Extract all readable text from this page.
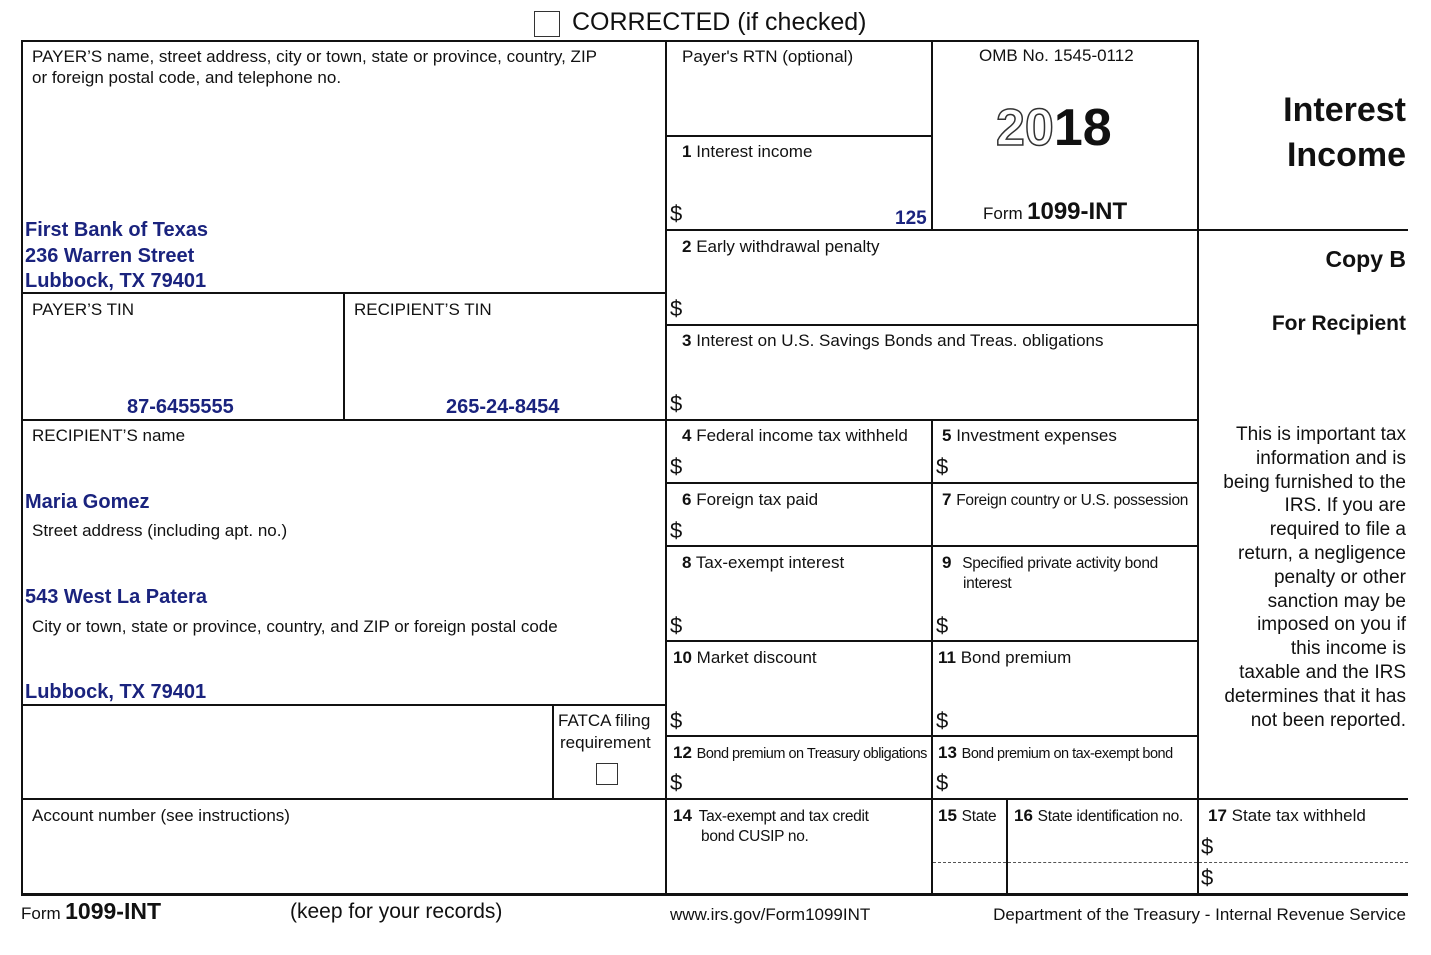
CORRECTED (if checked)
PAYER’S name, street address, city or town, state or province, country, ZIP
or foreign postal code, and telephone no.
First Bank of Texas
236 Warren Street
Lubbock, TX 79401
PAYER’S TIN
87-6455555
RECIPIENT’S TIN
265-24-8454
RECIPIENT’S name
Maria Gomez
Street address (including apt. no.)
543 West La Patera
City or town, state or province, country, and ZIP or foreign postal code
Lubbock, TX 79401
FATCA filing
requirement
Account number (see instructions)
Payer's RTN (optional)
1 Interest income
$	125
OMB No. 1545-0112
2018
Form 1099-INT
Interest
Income
Copy B
For Recipient
This is important tax
information and is
being furnished to the
IRS. If you are
required to file a
return, a negligence
penalty or other
sanction may be
imposed on you if
this income is
taxable and the IRS
determines that it has
not been reported.
2 Early withdrawal penalty
$
3 Interest on U.S. Savings Bonds and Treas. obligations
$
4 Federal income tax withheld
$
5 Investment expenses
$
6 Foreign tax paid
$
7 Foreign country or U.S. possession
8 Tax-exempt interest
$
9 Specified private activity bond
interest
$
10 Market discount
$
11 Bond premium
$
12 Bond premium on Treasury obligations
$
13 Bond premium on tax-exempt bond
$
14 Tax-exempt and tax credit
bond CUSIP no.
15 State 16 State identification no. 17 State tax withheld
$
$
Form 1099-INT	(keep for your records)	www.irs.gov/Form1099INT	Department of the Treasury - Internal Revenue Service
